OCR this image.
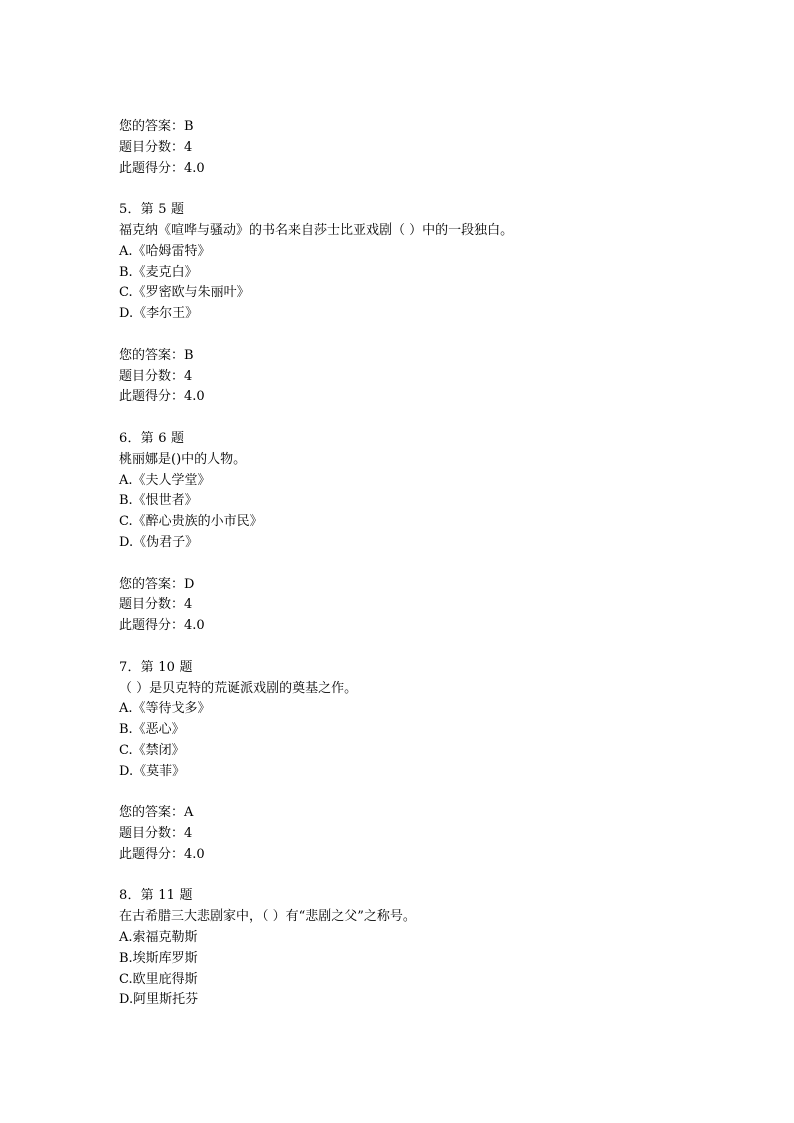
您的答案：B
题目分数：4
此题得分：4.0
5．第 5 题
福克纳《喧哗与骚动》的书名来自莎士比亚戏剧（ ）中的一段独白。
A.《哈姆雷特》
B.《麦克白》
C.《罗密欧与朱丽叶》
D.《李尔王》
您的答案：B
题目分数：4
此题得分：4.0
6．第 6 题
桃丽娜是()中的人物。
A.《夫人学堂》
B.《恨世者》
C.《醉心贵族的小市民》
D.《伪君子》
您的答案：D
题目分数：4
此题得分：4.0
7．第 10 题
（ ）是贝克特的荒诞派戏剧的奠基之作。
A.《等待戈多》
B.《恶心》
C.《禁闭》
D.《莫菲》
您的答案：A
题目分数：4
此题得分：4.0
8．第 11 题
在古希腊三大悲剧家中，（ ）有“悲剧之父”之称号。
A.索福克勒斯
B.埃斯库罗斯
C.欧里庇得斯
D.阿里斯托芬
